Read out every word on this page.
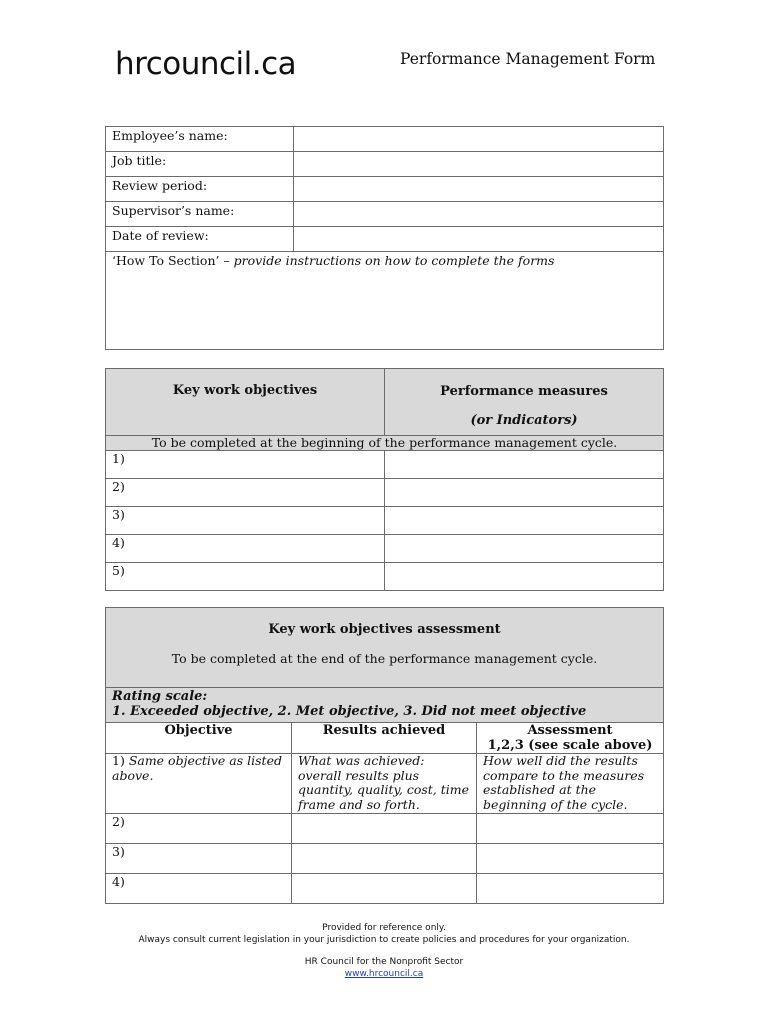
hrcouncil.ca	Performance Management Form
Employee’s name:	
Job title:	
Review period:	
Supervisor’s name:	
Date of review:	
‘How To Section’ – provide instructions on how to complete the forms	
Key work objectives	Performance measures
(or Indicators)
To be completed at the beginning of the performance management cycle.	
1)	
2)	
3)	
4)	
5)	
Key work objectives assessment
To be completed at the end of the performance management cycle.		
Rating scale:
1. Exceeded objective, 2. Met objective, 3. Did not meet objective		
Objective	Results achieved	Assessment
1,2,3 (see scale above)
1) Same objective as listed above.	What was achieved: overall results plus quantity, quality, cost, time frame and so forth.	How well did the results compare to the measures established at the beginning of the cycle.
2)		
3)		
4)		
Provided for reference only.
Always consult current legislation in your jurisdiction to create policies and procedures for your organization.
HR Council for the Nonprofit Sector
www.hrcouncil.ca
